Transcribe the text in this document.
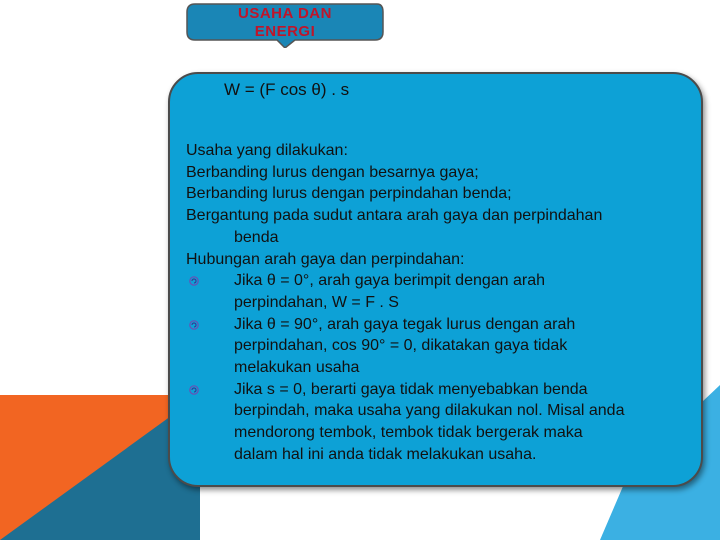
USAHA DAN
ENERGI
W = (F cos θ) . s
Usaha yang dilakukan:
Berbanding lurus dengan besarnya gaya;
Berbanding lurus dengan perpindahan benda;
Bergantung pada sudut antara arah gaya dan perpindahan
benda
Hubungan arah gaya dan perpindahan:
Jika θ = 0°, arah gaya berimpit dengan arah
perpindahan, W = F . S
Jika θ = 90°, arah gaya tegak lurus dengan arah
perpindahan, cos 90° = 0, dikatakan gaya tidak
melakukan usaha
Jika s = 0, berarti gaya tidak menyebabkan benda
berpindah, maka usaha yang dilakukan nol. Misal anda
mendorong tembok, tembok tidak bergerak maka
dalam hal ini anda tidak melakukan usaha.
